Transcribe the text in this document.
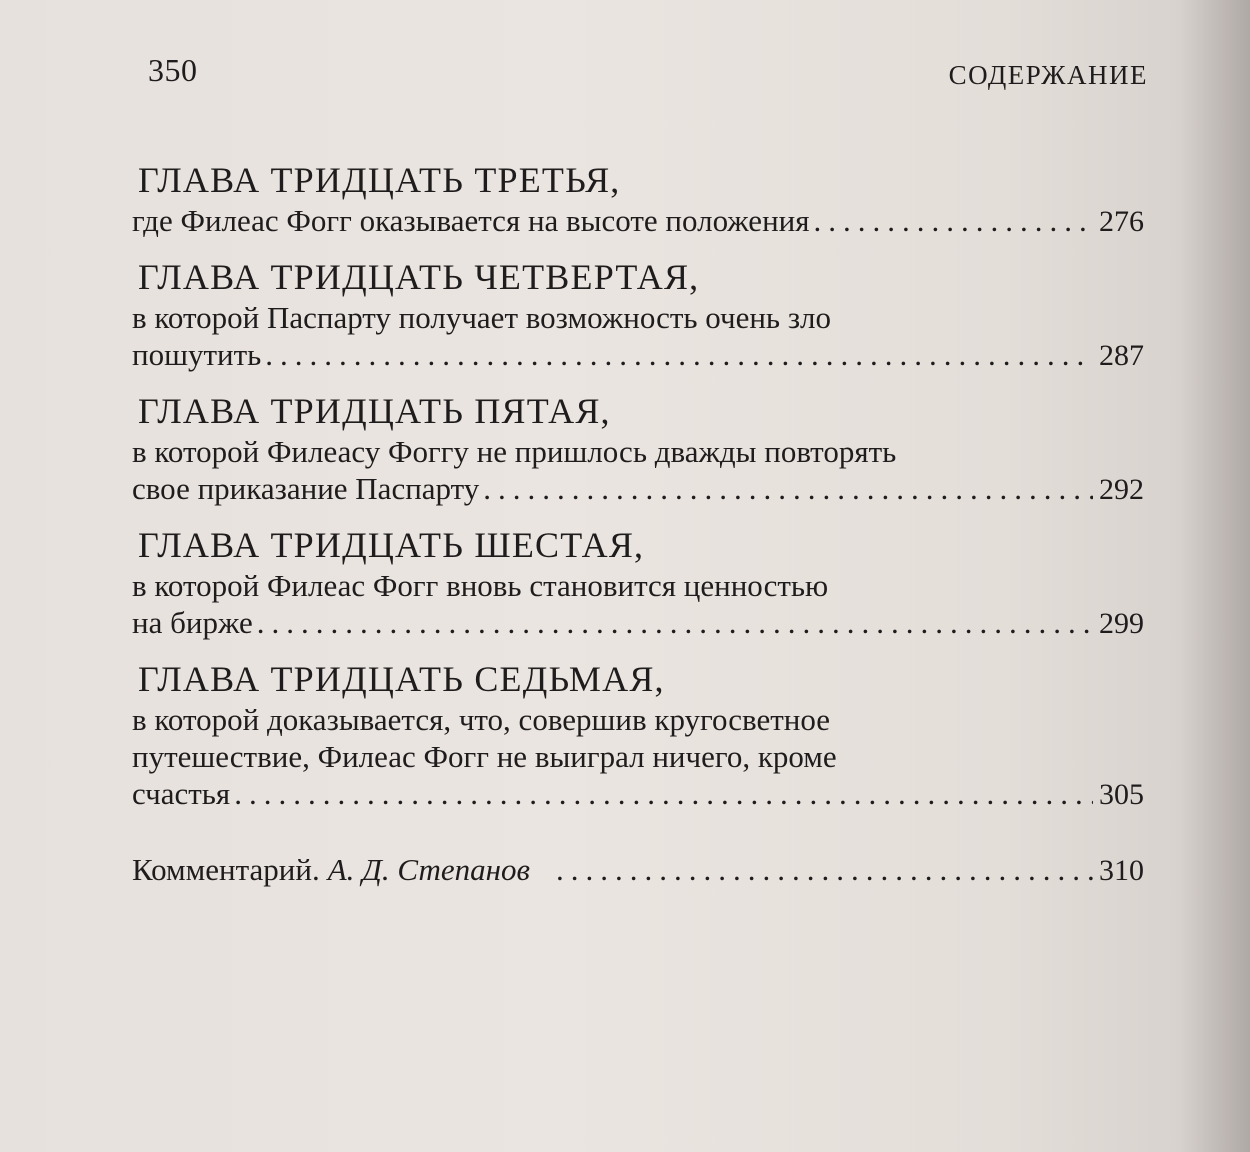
350	СОДЕРЖАНИЕ
ГЛАВА ТРИДЦАТЬ ТРЕТЬЯ,
где Филеас Фогг оказывается на высоте положения .....	276
ГЛАВА ТРИДЦАТЬ ЧЕТВЕРТАЯ,
в которой Паспарту получает возможность очень зло
пошутить .....	287
ГЛАВА ТРИДЦАТЬ ПЯТАЯ,
в которой Филеасу Фоггу не пришлось дважды повторять
свое приказание Паспарту .....	292
ГЛАВА ТРИДЦАТЬ ШЕСТАЯ,
в которой Филеас Фогг вновь становится ценностью
на бирже .....	299
ГЛАВА ТРИДЦАТЬ СЕДЬМАЯ,
в которой доказывается, что, совершив кругосветное
путешествие, Филеас Фогг не выиграл ничего, кроме
счастья .....	305
Комментарий. А. Д. Степанов .....	310
